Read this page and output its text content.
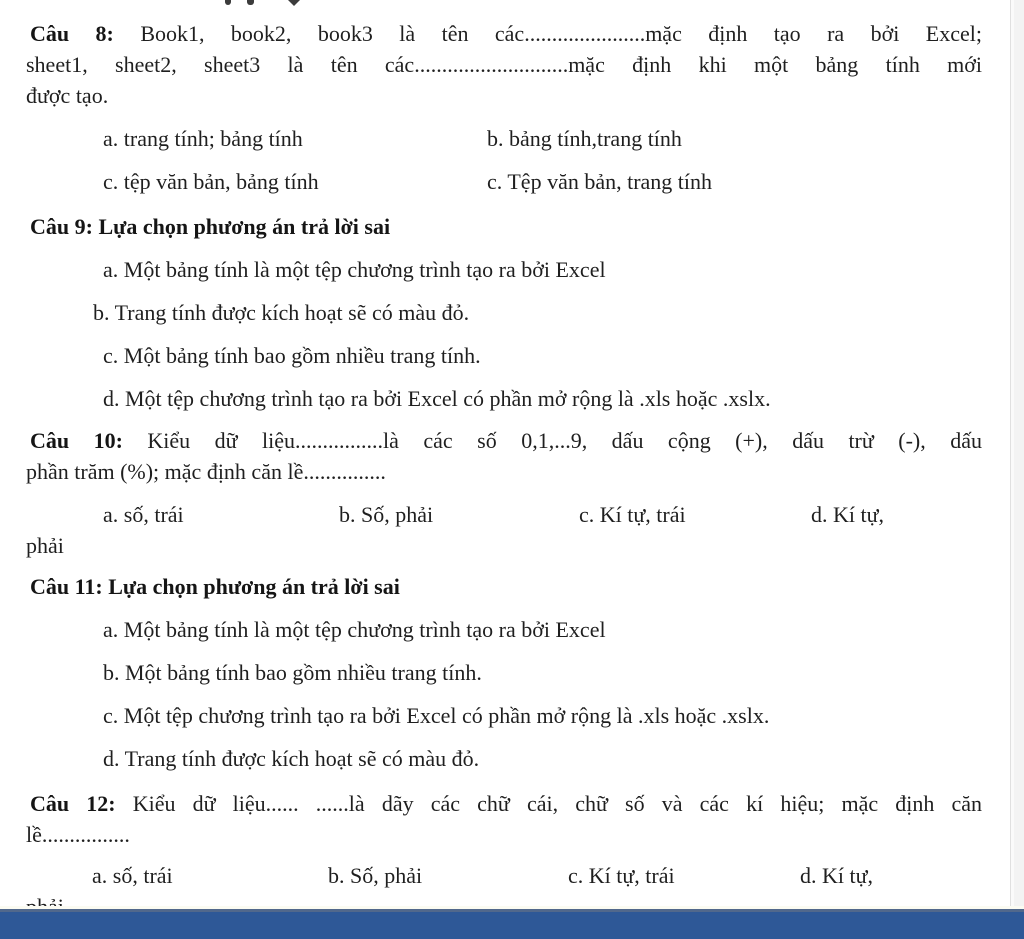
Câu 8: Book1, book2, book3 là tên các......................mặc định tạo ra bởi Excel;
sheet1, sheet2, sheet3 là tên các............................mặc định khi một bảng tính mới
được tạo.
a. trang tính; bảng tính	b. bảng tính,trang tính
c. tệp văn bản, bảng tính	c. Tệp văn bản, trang tính
Câu 9: Lựa chọn phương án trả lời sai

a. Một bảng tính là một tệp chương trình tạo ra bởi Excel

b. Trang tính được kích hoạt sẽ có màu đỏ.

c. Một bảng tính bao gồm nhiều trang tính.

d. Một tệp chương trình tạo ra bởi Excel có phần mở rộng là .xls hoặc .xslx.

Câu 10: Kiểu dữ liệu................là các số 0,1,...9, dấu cộng (+), dấu trừ (-), dấu
phần trăm (%); mặc định căn lề...............
a. số, trái	b. Số, phải	c. Kí tự, trái	d. Kí tự,

phải

Câu 11: Lựa chọn phương án trả lời sai

a. Một bảng tính là một tệp chương trình tạo ra bởi Excel

b. Một bảng tính bao gồm nhiều trang tính.

c. Một tệp chương trình tạo ra bởi Excel có phần mở rộng là .xls hoặc .xslx.

d. Trang tính được kích hoạt sẽ có màu đỏ.

Câu 12: Kiểu dữ liệu...... ......là dãy các chữ cái, chữ số và các kí hiệu; mặc định căn
lề................
a. số, trái	b. Số, phải	c. Kí tự, trái	d. Kí tự,
